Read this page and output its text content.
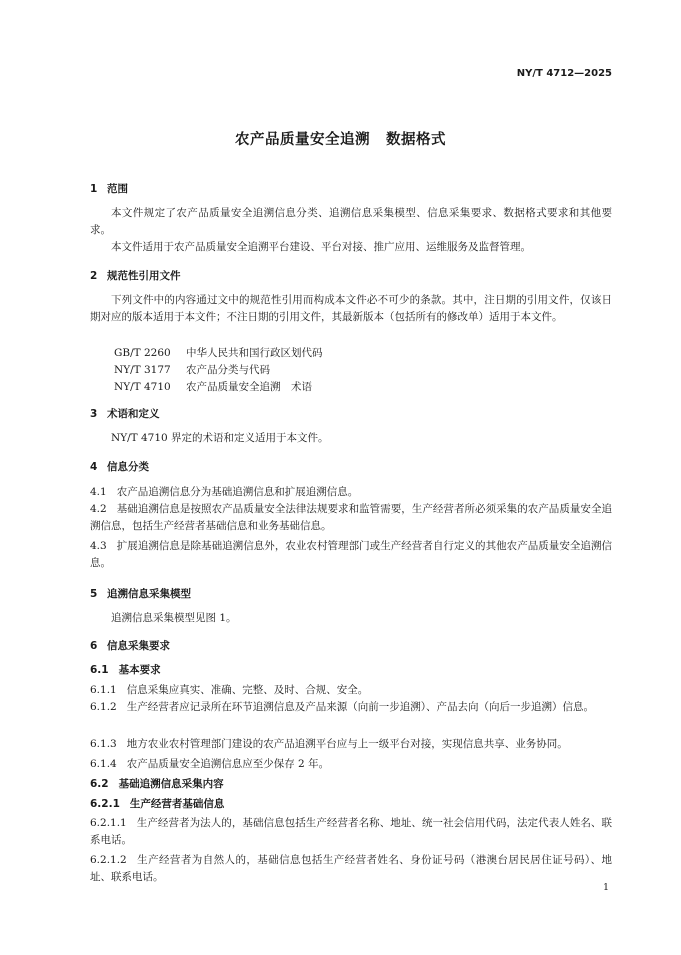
NY/T 4712—2025
农产品质量安全追溯 数据格式
1 范围
本文件规定了农产品质量安全追溯信息分类、追溯信息采集模型、信息采集要求、数据格式要求和其他要求。
本文件适用于农产品质量安全追溯平台建设、平台对接、推广应用、运维服务及监督管理。
2 规范性引用文件
下列文件中的内容通过文中的规范性引用而构成本文件必不可少的条款。其中，注日期的引用文件，仅该日期对应的版本适用于本文件；不注日期的引用文件，其最新版本（包括所有的修改单）适用于本文件。
GB/T 2260 中华人民共和国行政区划代码
NY/T 3177 农产品分类与代码
NY/T 4710 农产品质量安全追溯　术语
3 术语和定义
NY/T 4710 界定的术语和定义适用于本文件。
4 信息分类
4.1 农产品追溯信息分为基础追溯信息和扩展追溯信息。
4.2 基础追溯信息是按照农产品质量安全法律法规要求和监管需要，生产经营者所必须采集的农产品质量安全追溯信息，包括生产经营者基础信息和业务基础信息。
4.3 扩展追溯信息是除基础追溯信息外，农业农村管理部门或生产经营者自行定义的其他农产品质量安全追溯信息。
5 追溯信息采集模型
追溯信息采集模型见图 1。
6 信息采集要求
6.1 基本要求
6.1.1 信息采集应真实、准确、完整、及时、合规、安全。
6.1.2 生产经营者应记录所在环节追溯信息及产品来源（向前一步追溯）、产品去向（向后一步追溯）信息。
6.1.3 地方农业农村管理部门建设的农产品追溯平台应与上一级平台对接，实现信息共享、业务协同。
6.1.4 农产品质量安全追溯信息应至少保存 2 年。
6.2 基础追溯信息采集内容
6.2.1 生产经营者基础信息
6.2.1.1 生产经营者为法人的，基础信息包括生产经营者名称、地址、统一社会信用代码，法定代表人姓名、联系电话。
6.2.1.2 生产经营者为自然人的，基础信息包括生产经营者姓名、身份证号码（港澳台居民居住证号码）、地址、联系电话。
1
